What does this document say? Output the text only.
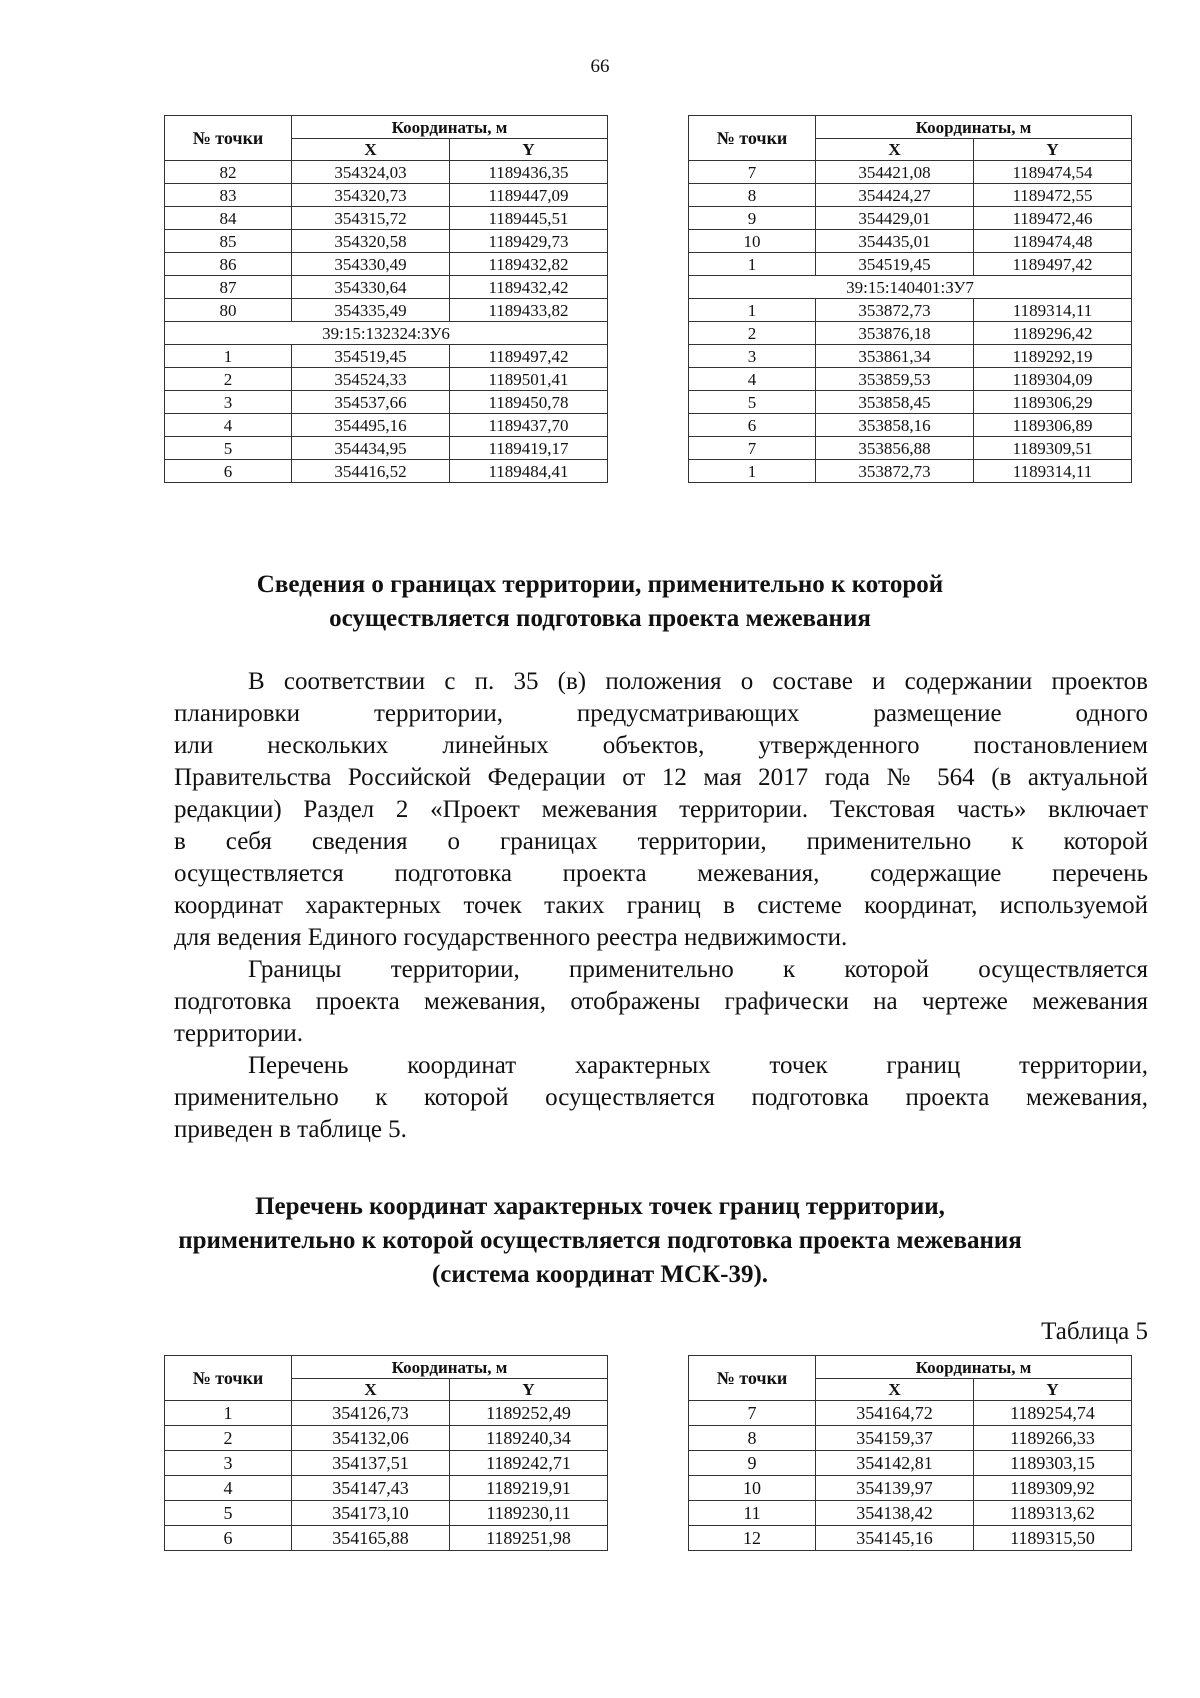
66
№ точки	Координаты, м	
	X	Y
82	354324,03	1189436,35
83	354320,73	1189447,09
84	354315,72	1189445,51
85	354320,58	1189429,73
86	354330,49	1189432,82
87	354330,64	1189432,42
80	354335,49	1189433,82
39:15:132324:ЗУ6		
1	354519,45	1189497,42
2	354524,33	1189501,41
3	354537,66	1189450,78
4	354495,16	1189437,70
5	354434,95	1189419,17
6	354416,52	1189484,41
№ точки	Координаты, м	
	X	Y
7	354421,08	1189474,54
8	354424,27	1189472,55
9	354429,01	1189472,46
10	354435,01	1189474,48
1	354519,45	1189497,42
39:15:140401:ЗУ7		
1	353872,73	1189314,11
2	353876,18	1189296,42
3	353861,34	1189292,19
4	353859,53	1189304,09
5	353858,45	1189306,29
6	353858,16	1189306,89
7	353856,88	1189309,51
1	353872,73	1189314,11
Сведения о границах территории, применительно к которой
осуществляется подготовка проекта межевания
В соответствии с п. 35 (в) положения о составе и содержании проектов
планировки территории, предусматривающих размещение одного
или нескольких линейных объектов, утвержденного постановлением
Правительства Российской Федерации от 12 мая 2017 года № 564 (в актуальной
редакции) Раздел 2 «Проект межевания территории. Текстовая часть» включает
в себя сведения о границах территории, применительно к которой
осуществляется подготовка проекта межевания, содержащие перечень
координат характерных точек таких границ в системе координат, используемой
для ведения Единого государственного реестра недвижимости.
Границы территории, применительно к которой осуществляется
подготовка проекта межевания, отображены графически на чертеже межевания
территории.
Перечень координат характерных точек границ территории,
применительно к которой осуществляется подготовка проекта межевания,
приведен в таблице 5.
Перечень координат характерных точек границ территории,
применительно к которой осуществляется подготовка проекта межевания
(система координат МСК-39).
Таблица 5
№ точки	Координаты, м	
	X	Y
1	354126,73	1189252,49
2	354132,06	1189240,34
3	354137,51	1189242,71
4	354147,43	1189219,91
5	354173,10	1189230,11
6	354165,88	1189251,98
№ точки	Координаты, м	
	X	Y
7	354164,72	1189254,74
8	354159,37	1189266,33
9	354142,81	1189303,15
10	354139,97	1189309,92
11	354138,42	1189313,62
12	354145,16	1189315,50
